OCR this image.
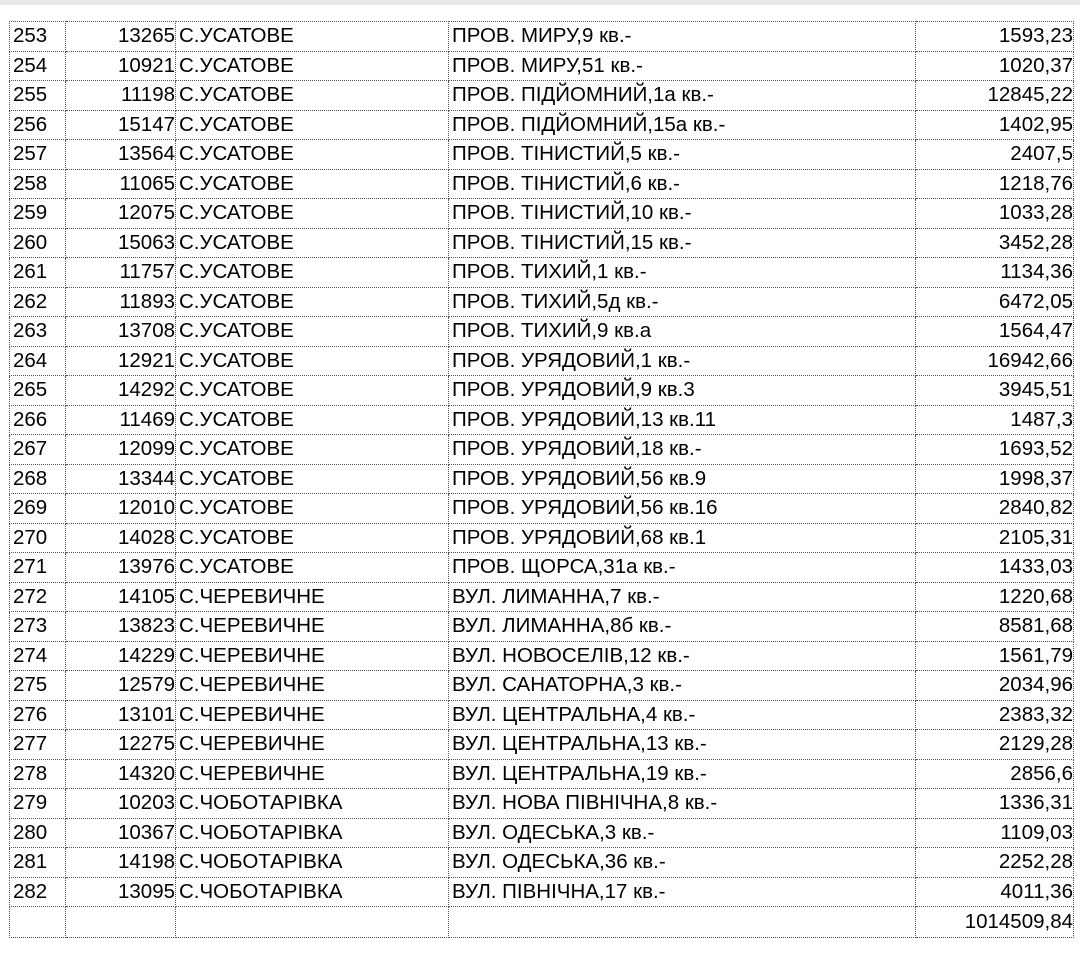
253	13265	С.УСАТОВЕ	ПРОВ. МИРУ,9 кв.-	1593,23
254	10921	С.УСАТОВЕ	ПРОВ. МИРУ,51 кв.-	1020,37
255	11198	С.УСАТОВЕ	ПРОВ. ПІДЙОМНИЙ,1а кв.-	12845,22
256	15147	С.УСАТОВЕ	ПРОВ. ПІДЙОМНИЙ,15а кв.-	1402,95
257	13564	С.УСАТОВЕ	ПРОВ. ТІНИСТИЙ,5 кв.-	2407,5
258	11065	С.УСАТОВЕ	ПРОВ. ТІНИСТИЙ,6 кв.-	1218,76
259	12075	С.УСАТОВЕ	ПРОВ. ТІНИСТИЙ,10 кв.-	1033,28
260	15063	С.УСАТОВЕ	ПРОВ. ТІНИСТИЙ,15 кв.-	3452,28
261	11757	С.УСАТОВЕ	ПРОВ. ТИХИЙ,1 кв.-	1134,36
262	11893	С.УСАТОВЕ	ПРОВ. ТИХИЙ,5д кв.-	6472,05
263	13708	С.УСАТОВЕ	ПРОВ. ТИХИЙ,9 кв.а	1564,47
264	12921	С.УСАТОВЕ	ПРОВ. УРЯДОВИЙ,1 кв.-	16942,66
265	14292	С.УСАТОВЕ	ПРОВ. УРЯДОВИЙ,9 кв.3	3945,51
266	11469	С.УСАТОВЕ	ПРОВ. УРЯДОВИЙ,13 кв.11	1487,3
267	12099	С.УСАТОВЕ	ПРОВ. УРЯДОВИЙ,18 кв.-	1693,52
268	13344	С.УСАТОВЕ	ПРОВ. УРЯДОВИЙ,56 кв.9	1998,37
269	12010	С.УСАТОВЕ	ПРОВ. УРЯДОВИЙ,56 кв.16	2840,82
270	14028	С.УСАТОВЕ	ПРОВ. УРЯДОВИЙ,68 кв.1	2105,31
271	13976	С.УСАТОВЕ	ПРОВ. ЩОРСА,31а кв.-	1433,03
272	14105	С.ЧЕРЕВИЧНЕ	ВУЛ. ЛИМАННА,7 кв.-	1220,68
273	13823	С.ЧЕРЕВИЧНЕ	ВУЛ. ЛИМАННА,8б кв.-	8581,68
274	14229	С.ЧЕРЕВИЧНЕ	ВУЛ. НОВОСЕЛІВ,12 кв.-	1561,79
275	12579	С.ЧЕРЕВИЧНЕ	ВУЛ. САНАТОРНА,3 кв.-	2034,96
276	13101	С.ЧЕРЕВИЧНЕ	ВУЛ. ЦЕНТРАЛЬНА,4 кв.-	2383,32
277	12275	С.ЧЕРЕВИЧНЕ	ВУЛ. ЦЕНТРАЛЬНА,13 кв.-	2129,28
278	14320	С.ЧЕРЕВИЧНЕ	ВУЛ. ЦЕНТРАЛЬНА,19 кв.-	2856,6
279	10203	С.ЧОБОТАРІВКА	ВУЛ. НОВА ПІВНІЧНА,8 кв.-	1336,31
280	10367	С.ЧОБОТАРІВКА	ВУЛ. ОДЕСЬКА,3 кв.-	1109,03
281	14198	С.ЧОБОТАРІВКА	ВУЛ. ОДЕСЬКА,36 кв.-	2252,28
282	13095	С.ЧОБОТАРІВКА	ВУЛ. ПІВНІЧНА,17 кв.-	4011,36
				1014509,84
